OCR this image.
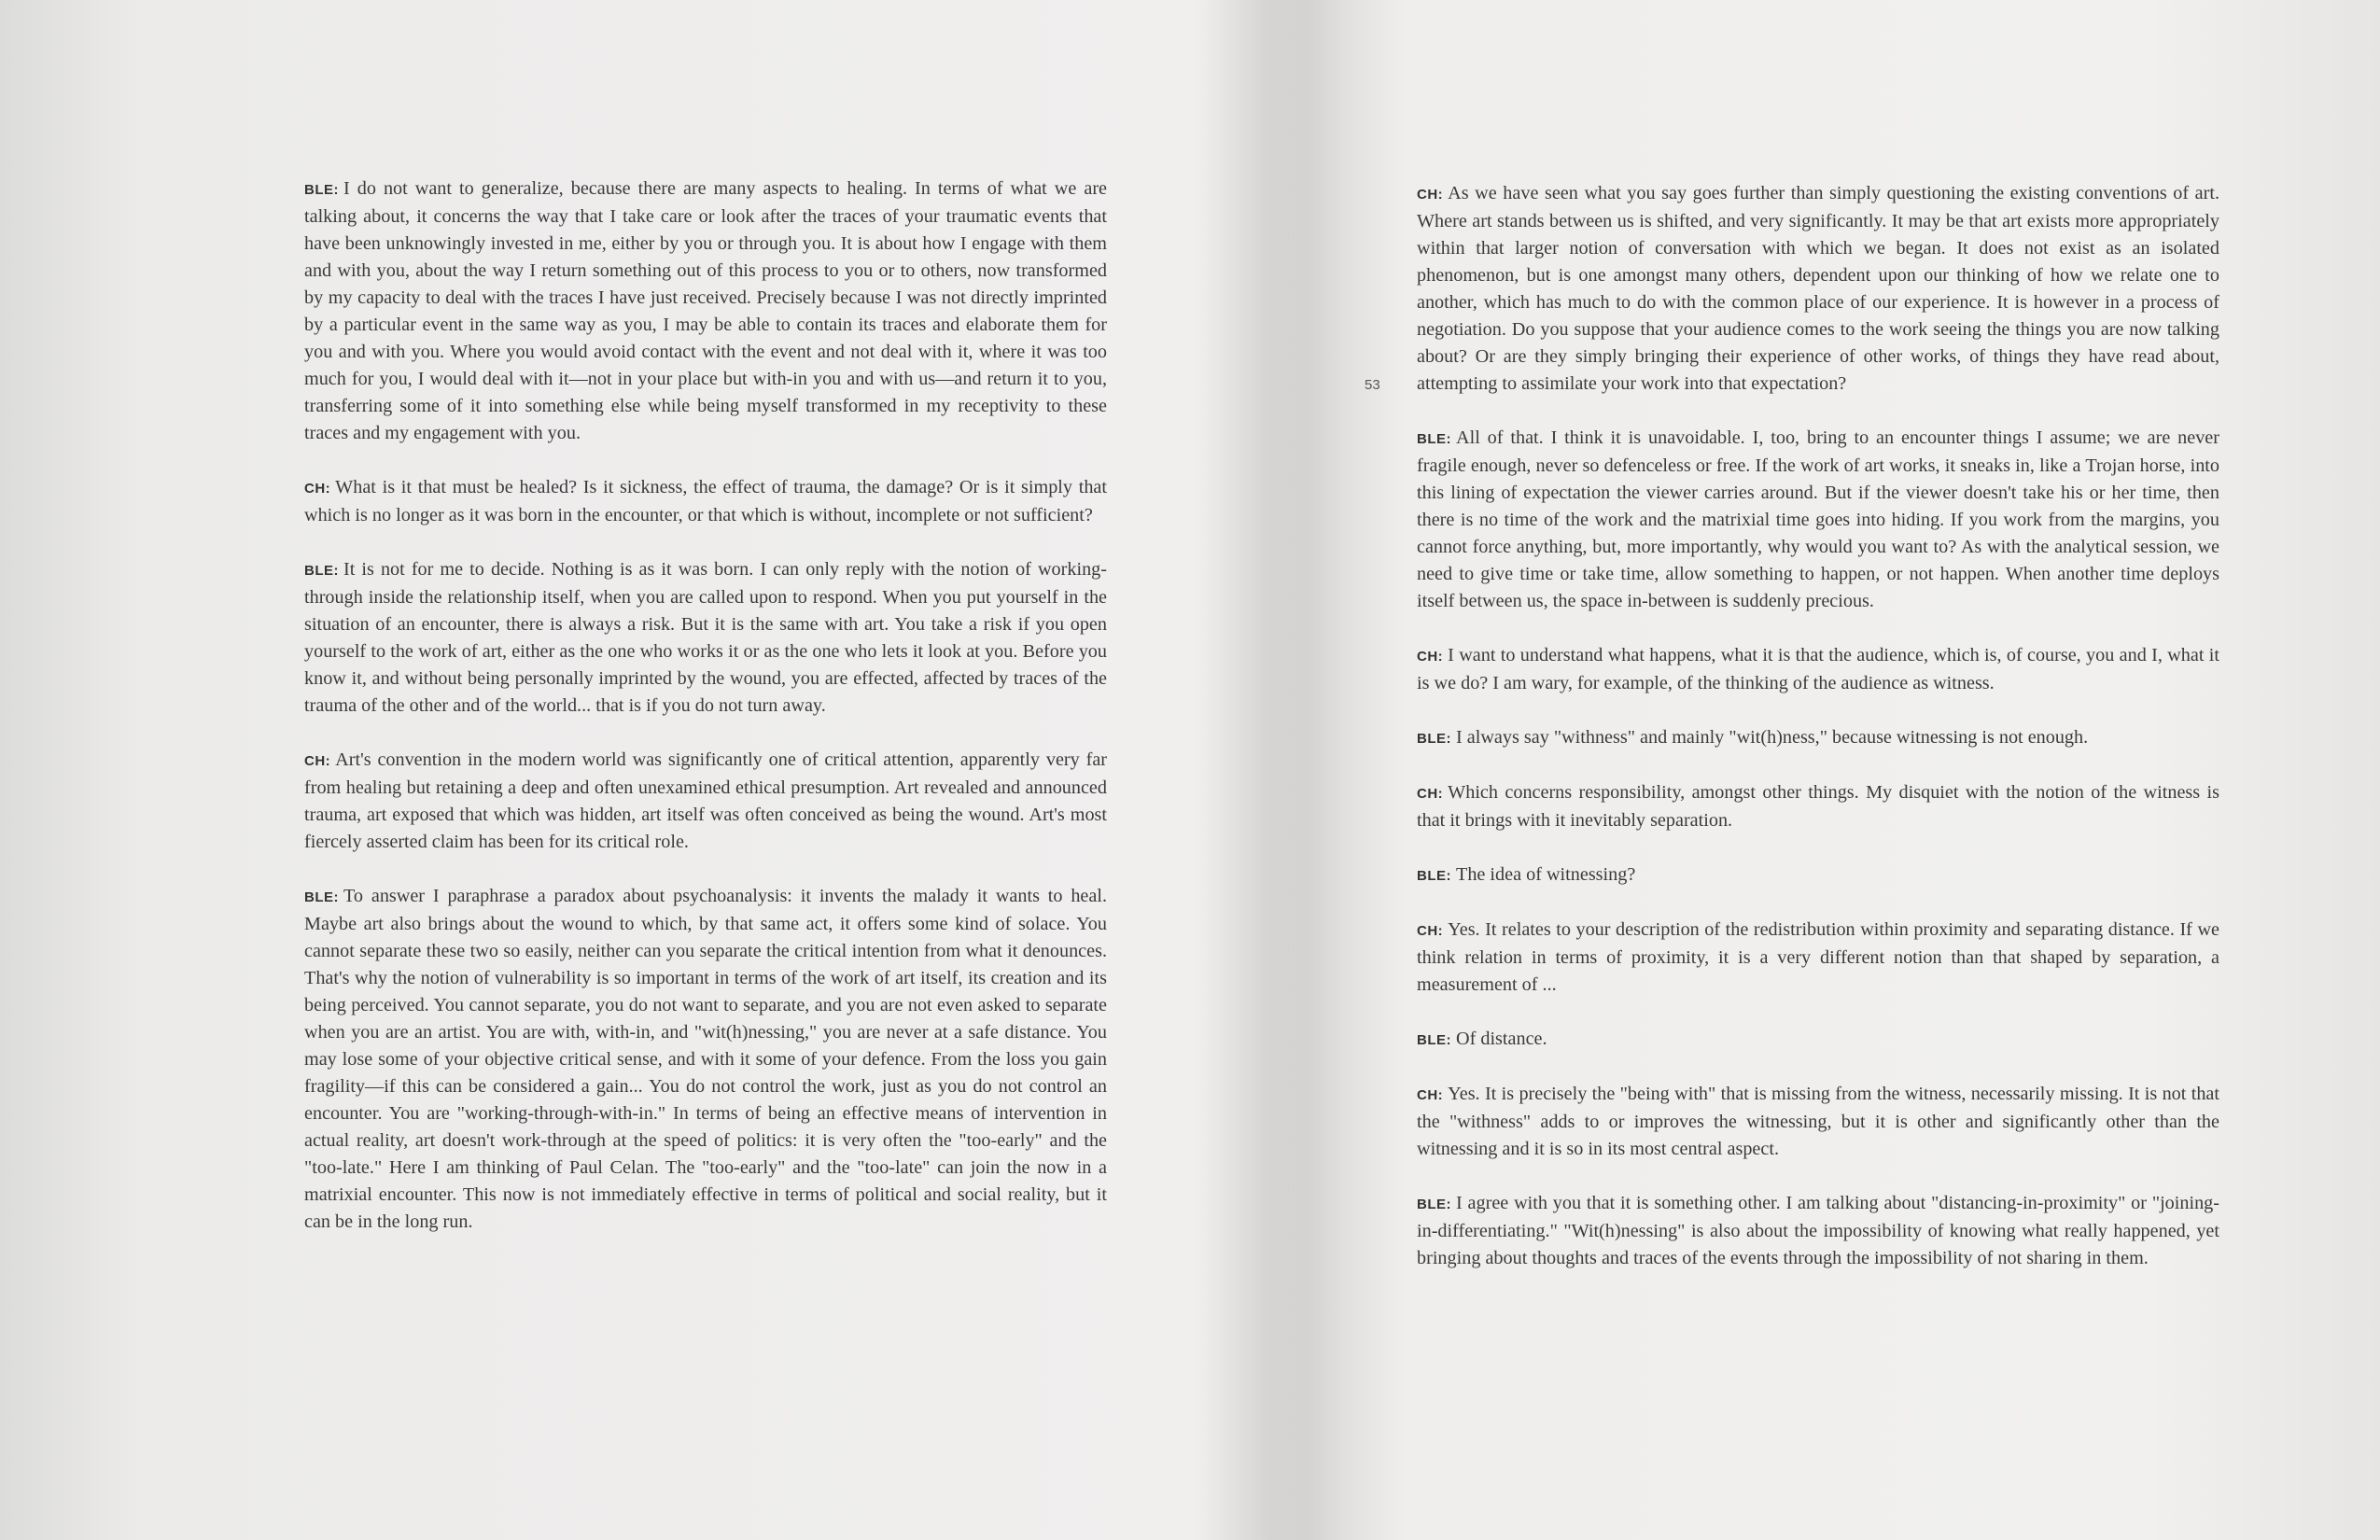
BLE: I do not want to generalize, because there are many aspects to healing. In terms of what we are talking about, it concerns the way that I take care or look after the traces of your traumatic events that have been unknowingly invested in me, either by you or through you. It is about how I engage with them and with you, about the way I return something out of this process to you or to others, now transformed by my capacity to deal with the traces I have just received. Precisely because I was not directly imprinted by a particular event in the same way as you, I may be able to contain its traces and elaborate them for you and with you. Where you would avoid contact with the event and not deal with it, where it was too much for you, I would deal with it—not in your place but with-in you and with us—and return it to you, transferring some of it into something else while being myself transformed in my receptivity to these traces and my engagement with you.

CH: What is it that must be healed? Is it sickness, the effect of trauma, the damage? Or is it simply that which is no longer as it was born in the encounter, or that which is without, incomplete or not sufficient?

BLE: It is not for me to decide. Nothing is as it was born. I can only reply with the notion of working-through inside the relationship itself, when you are called upon to respond. When you put yourself in the situation of an encounter, there is always a risk. But it is the same with art. You take a risk if you open yourself to the work of art, either as the one who works it or as the one who lets it look at you. Before you know it, and without being personally imprinted by the wound, you are effected, affected by traces of the trauma of the other and of the world... that is if you do not turn away.

CH: Art's convention in the modern world was significantly one of critical attention, apparently very far from healing but retaining a deep and often unexamined ethical presumption. Art revealed and announced trauma, art exposed that which was hidden, art itself was often conceived as being the wound. Art's most fiercely asserted claim has been for its critical role.

BLE: To answer I paraphrase a paradox about psychoanalysis: it invents the malady it wants to heal. Maybe art also brings about the wound to which, by that same act, it offers some kind of solace. You cannot separate these two so easily, neither can you separate the critical intention from what it denounces. That's why the notion of vulnerability is so important in terms of the work of art itself, its creation and its being perceived. You cannot separate, you do not want to separate, and you are not even asked to separate when you are an artist. You are with, with-in, and "wit(h)nessing," you are never at a safe distance. You may lose some of your objective critical sense, and with it some of your defence. From the loss you gain fragility—if this can be considered a gain... You do not control the work, just as you do not control an encounter. You are "working-through-with-in." In terms of being an effective means of intervention in actual reality, art doesn't work-through at the speed of politics: it is very often the "too-early" and the "too-late." Here I am thinking of Paul Celan. The "too-early" and the "too-late" can join the now in a matrixial encounter. This now is not immediately effective in terms of political and social reality, but it can be in the long run.

53

CH: As we have seen what you say goes further than simply questioning the existing conventions of art. Where art stands between us is shifted, and very significantly. It may be that art exists more appropriately within that larger notion of conversation with which we began. It does not exist as an isolated phenomenon, but is one amongst many others, dependent upon our thinking of how we relate one to another, which has much to do with the common place of our experience. It is however in a process of negotiation. Do you suppose that your audience comes to the work seeing the things you are now talking about? Or are they simply bringing their experience of other works, of things they have read about, attempting to assimilate your work into that expectation?

BLE: All of that. I think it is unavoidable. I, too, bring to an encounter things I assume; we are never fragile enough, never so defenceless or free. If the work of art works, it sneaks in, like a Trojan horse, into this lining of expectation the viewer carries around. But if the viewer doesn't take his or her time, then there is no time of the work and the matrixial time goes into hiding. If you work from the margins, you cannot force anything, but, more importantly, why would you want to? As with the analytical session, we need to give time or take time, allow something to happen, or not happen. When another time deploys itself between us, the space in-between is suddenly precious.

CH: I want to understand what happens, what it is that the audience, which is, of course, you and I, what it is we do? I am wary, for example, of the thinking of the audience as witness.

BLE: I always say "withness" and mainly "wit(h)ness," because witnessing is not enough.

CH: Which concerns responsibility, amongst other things. My disquiet with the notion of the witness is that it brings with it inevitably separation.

BLE: The idea of witnessing?

CH: Yes. It relates to your description of the redistribution within proximity and separating distance. If we think relation in terms of proximity, it is a very different notion than that shaped by separation, a measurement of ...

BLE: Of distance.

CH: Yes. It is precisely the "being with" that is missing from the witness, necessarily missing. It is not that the "withness" adds to or improves the witnessing, but it is other and significantly other than the witnessing and it is so in its most central aspect.

BLE: I agree with you that it is something other. I am talking about "distancing-in-proximity" or "joining-in-differentiating." "Wit(h)nessing" is also about the impossibility of knowing what really happened, yet bringing about thoughts and traces of the events through the impossibility of not sharing in them.
